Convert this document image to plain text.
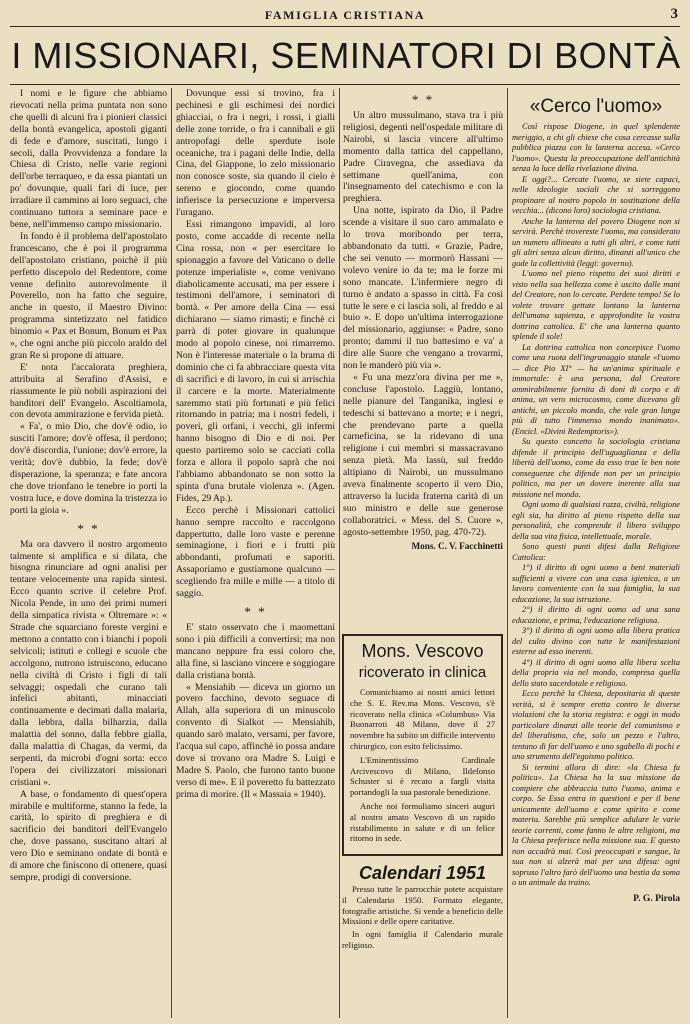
FAMIGLIA CRISTIANA	3
I MISSIONARI, SEMINATORI DI BONTÀ

I nomi e le figure che abbiamo rievocati nella prima puntata non sono che quelli di alcuni fra i pionieri classici della bontà evangelica, apostoli giganti di fede e d'amore, suscitati, lungo i secoli, dalla Provvidenza a fondare la Chiesa di Cristo, nelle varie regioni dell'orbe terraqueo, e da essa piantati un po' dovunque, quali fari di luce, per irradiare il cammino ai loro seguaci, che continuano tuttora a seminare pace e bene, nell'immenso campo missionario.

In fondo è il problema dell'apostolato francescano, che è poi il programma dell'apostolato cristiano, poichè il più perfetto discepolo del Redentore, come venne definito autorevolmente il Poverello, non ha fatto che seguire, anche in questo, il Maestro Divino: programma sintetizzato nel fatidico binomio « Pax et Bonum, Bonum et Pax », che ogni anche più piccolo araldo del gran Re si propone di attuare.

E' nota l'accalorata preghiera, attribuita al Serafino d'Assisi, e riassumente le più nobili aspirazioni dei banditori dell' Evangelo. Ascoltiamola, con devota ammirazione e fervida pietà.

« Fa', o mio Dio, che dov'è odio, io susciti l'amore; dov'è offesa, il perdono; dov'è discordia, l'unione; dov'è errore, la verità; dov'è dubbio, la fede; dov'è disperazione, la speranza; e fate ancora che dove trionfano le tenebre io porti la vostra luce, e dove domina la tristezza io porti la gioia ».

* *

Ma ora davvero il nostro argomento talmente si amplifica e si dilata, che bisogna rinunciare ad ogni analisi per tentare velocemente una rapida sintesi. Ecco quanto scrive il celebre Prof. Nicola Pende, in uno dei primi numeri della simpatica rivista « Oltremare »: « Strade che squarciano foreste vergini e mettono a contatto con i bianchi i popoli selvicoli; istituti e collegi e scuole che accolgono, nutrono istruiscono, educano nella civiltà di Cristo i figli di tali selvaggi; ospedali che curano tali infelici abitanti, minacciati continuamente e decimati dalla malaria, dalla lebbra, dalla bilharzia, dalla malattia del sonno, dalla febbre gialla, dalla malattia di Chagas, da vermi, da serpenti, da microbi d'ogni sorta: ecco l'opera dei civilizzatori missionari cristiani ».

A base, o fondamento di quest'opera mirabile e multiforme, stanno la fede, la carità, lo spirito di preghiera e di sacrificio dei banditori dell'Evangelo che, dove passano, suscitano altari al vero Dio e seminano ondate di bontà e di amore che finiscono di ottenere, quasi sempre, prodigi di conversione.

Dovunque essi si trovino, fra i pechinesi e gli eschimesi dei nordici ghiacciai, o fra i negri, i rossi, i gialli delle zone torride, o fra i cannibali e gli antropofagi delle sperdute isole oceaniche, tra i pagani delle Indie, della Cina, del Giappone, lo zelo missionario non conosce soste, sia quando il cielo è sereno e giocondo, come quando infierisce la persecuzione e imperversa l'uragano.

Essi rimangono impavidi, al loro posto, come accadde di recente nella Cina rossa, non « per esercitare lo spionaggio a favore del Vaticano o delle potenze imperialiste », come venivano diabolicamente accusati, ma per essere i testimoni dell'amore, i seminatori di bontà. « Per amore della Cina — essi dichiarano — siamo rimasti; e finchè ci parrà di poter giovare in qualunque modo al popolo cinese, noi rimarremo. Non è l'interesse materiale o la brama di dominio che ci fa abbracciare questa vita di sacrifici e di lavoro, in cui si arrischia il carcere e la morte. Materialmente saremmo stati più fortunati e più felici ritornando in patria; ma i nostri fedeli, i poveri, gli orfani, i vecchi, gli infermi hanno bisogno di Dio e di noi. Per questo partiremo solo se cacciati colla forza e allora il popolo saprà che noi l'abbiamo abbandonato se non sotto la spinta d'una brutale violenza ». (Agen. Fides, 29 Ap.).

Ecco perchè i Missionari cattolici hanno sempre raccolto e raccolgono dappertutto, dalle loro vaste e perenne seminagione, i fiori e i frutti più abbondanti, profumati e saporiti. Assaporiamo e gustiamone qualcuno — scegliendo fra mille e mille — a titolo di saggio.

* *

E' stato osservato che i maomettani sono i più difficili a convertirsi; ma non mancano neppure fra essi coloro che, alla fine, si lasciano vincere e soggiogare dalla cristiana bontà.

« Mensiahib — diceva un giorno un povero facchino, devoto seguace di Allah, alla superiora di un minuscolo convento di Sialkot — Mensiahib, quando sarò malato, versami, per favore, l'acqua sul capo, affinchè io possa andare dove si trovano ora Madre S. Luigi e Madre S. Paolo, che furono tanto buone verso di me». E il poveretto fu battezzato prima di morire. (Il « Massaia » 1940).

* *

Un altro mussulmano, stava tra i più religiosi, degenti nell'ospedale militare di Nairobi, si lascia vincere all'ultimo momento dalla tattica del cappellano, Padre Ciravegna, che assediava da settimane quell'anima, con l'insegnamento del catechismo e con la preghiera.

Una notte, ispirato da Dio, il Padre scende a visitare il suo caro ammalato e lo trova moribondo per terra, abbandonato da tutti. « Grazie, Padre, che sei venuto — mormorò Hassani — volevo venire io da te; ma le forze mi sono mancate. L'infermiere negro di turno è andato a spasso in città. Fa così tutte le sere e ci lascia soli, al freddo e al buio ». E dopo un'ultima interrogazione del missionario, aggiunse: « Padre, sono pronto; dammi il tuo battesimo e va' a dire alle Suore che vengano a trovarmi, non le manderò più via ».

« Fu una mezz'ora divina per me », concluse l'apostolo. Laggiù, lontano, nelle pianure del Tanganika, inglesi e tedeschi si battevano a morte; e i negri, che prendevano parte a quella carneficina, se la ridevano di una religione i cui membri si massacravano senza pietà. Ma lassù, sul freddo altipiano di Nairobi, un mussulmano aveva finalmente scoperto il vero Dio, attraverso la lucida fraterna carità di un suo ministro e delle sue generose collaboratrici. « Mess. del S. Cuore », agosto-settembre 1950, pag. 470-72).

Mons. C. V. Facchinetti
Mons. Vescovo
ricoverato in clinica

Comunichiamo ai nostri amici lettori che S. E. Rev.ma Mons. Vescovo, s'è ricoverato nella clinica «Columbus» Via Buonarroti 48 Milano, dove il 27 novembre ha subito un difficile intervento chirurgico, con esito felicissimo.

L'Eminentissimo Cardinale Arcivescovo di Milano, Ildefonso Schuster si è recato a fargli visita portandogli la sua pastorale benedizione.

Anche noi formuliamo sinceri auguri al nostro amato Vescovo di un rapido ristabilimento in salute e di un felice ritorno in sede.

Calendari 1951

Presso tutte le parrocchie potete acquistare il Calendario 1950. Formato elegante, fotografie artistiche. Si vende a beneficio delle Missioni e delle opere caritative.

In ogni famiglia il Calendario murale religioso.

«Cerco l'uomo»

Così rispose Diogene, in quel splendente meriggio, a chi gli chiese che cosa cercasse sulla pubblica piazza con la lanterna accesa. «Cerco l'uomo». Questa la preoccupazione dell'antichità senza la luce della rivelazione divina.

E oggi?... Cercate l'uomo, se siete capaci, nelle ideologie sociali che si sorreggono propinare al nostro popolo in sostituzione della vecchia... (dicono loro) sociologia cristiana.

Anche la lanterna del povero Diogene non si servirà. Perchè trovereste l'uomo, ma considerato un numero allineato a tutti gli altri, e come tutti gli altri senza alcun diritto, dinanzi all'unico che gode la collettività (leggi: governo).

L'uomo nel pieno rispetto dei suoi diritti e visto nella sua bellezza come è uscito dalle mani del Creatore, non lo cercate. Perdete tempo! Se lo volete trovare gettate lontano la lanterna dell'umana sapienza, e approfondite la vostra dottrina cattolica. E' che una lanterna quanto splende il sole!

La dottrina cattolica non concepisce l'uomo come una ruota dell'ingranaggio statale «l'uomo — dice Pio XI° — ha un'anima spirituale e immortale: è una persona, dal Creatore ammirabilmente fornita di doni di corpo e di anima, un vero microcosmo, come dicevano gli antichi, un piccolo mondo, che vale gran lunga più di tutto l'immenso mondo inanimato». (Encicl. «Divini Redemptoris»).

Su questo concetto la sociologia cristiana difende il principio dell'uguaglianza e della libertà dell'uomo, come da esso trae le ben note conseguenze che difende non per un principio politico, ma per un dovere inerente alla sua missione nel mondo.

Ogni uomo di qualsiasi razza, civiltà, religione egli sia, ha diritto al pieno rispetto della sua personalità, che comprende il libero sviluppo della sua vita fisica, intellettuale, morale.

Sono questi punti difesi dalla Religione Cattolica:

1°) il diritto di ogni uomo a beni materiali sufficienti a vivere con una casa igienica, a un lavoro conveniente con la sua famiglia, la sua educazione, la sua istruzione.

2°) il diritto di ogni uomo ad una sana educazione, e prima, l'educazione religiosa.

3°) il diritto di ogni uomo alla libera pratica del culto divino con tutte le manifestazioni esterne ad esso inerenti.

4°) il diritto di ogni uomo alla libera scelta della propria via nel mondo, compresa quella dello stato sacerdotale e religioso.

Ecco perchè la Chiesa, depositaria di queste verità, si è sempre eretta contro le diverse violazioni che la storia registra: e oggi in modo particolare dinanzi alle teorie del comunismo e del liberalismo, che, solo un pezzo e l'altro, tentano di far dell'uomo e uno sgabello di pochi e uno strumento dell'egoismo politico.

Si termini allora di dire: «la Chiesa fa politica». La Chiesa ha la sua missione da compiere che abbraccia tutto l'uomo, anima e corpo. Se Essa entra in questioni e per il bene unicamente dell'uomo e come spirito e come materia. Sarebbe più semplice adulare le varie teorie correnti, come fanno le altre religioni, ma la Chiesa preferisce nella missione sua. E questo non accadrà mai. Così preoccupati e sangue, la sua non si alzerà mai per una difesa: ogni sopruso l'altro farò dell'uomo una bestia da soma o un animale da traino.

P. G. Pirola
